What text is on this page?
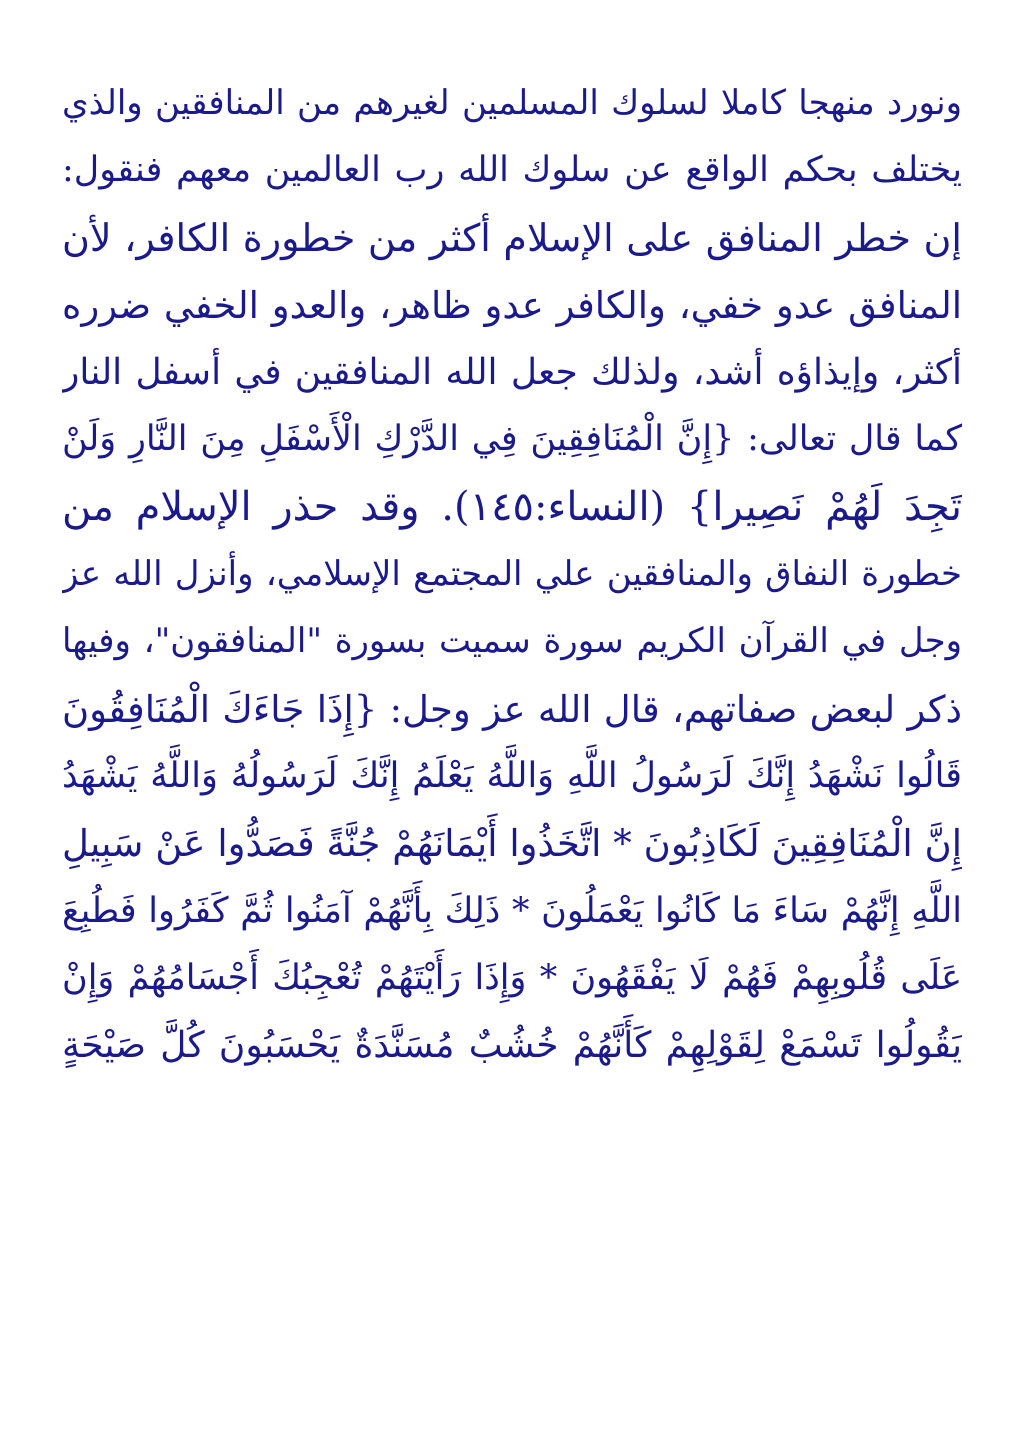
ونورد منهجا كاملا لسلوك المسلمين لغيرهم من المنافقين والذي
يختلف بحكم الواقع عن سلوك الله رب العالمين معهم فنقول:
إن خطر المنافق على الإسلام أكثر من خطورة الكافر، لأن
المنافق عدو خفي، والكافر عدو ظاهر، والعدو الخفي ضرره
أكثر، وإيذاؤه أشد، ولذلك جعل الله المنافقين في أسفل النار
كما قال تعالى: {إِنَّ الْمُنَافِقِينَ فِي الدَّرْكِ الْأَسْفَلِ مِنَ النَّارِ وَلَنْ
تَجِدَ لَهُمْ نَصِيرا} (النساء:١٤٥). وقد حذر الإسلام من
خطورة النفاق والمنافقين علي المجتمع الإسلامي، وأنزل الله عز
وجل في القرآن الكريم سورة سميت بسورة "المنافقون"، وفيها
ذكر لبعض صفاتهم، قال الله عز وجل: {إِذَا جَاءَكَ الْمُنَافِقُونَ
قَالُوا نَشْهَدُ إِنَّكَ لَرَسُولُ اللَّهِ وَاللَّهُ يَعْلَمُ إِنَّكَ لَرَسُولُهُ وَاللَّهُ يَشْهَدُ
إِنَّ الْمُنَافِقِينَ لَكَاذِبُونَ * اتَّخَذُوا أَيْمَانَهُمْ جُنَّةً فَصَدُّوا عَنْ سَبِيلِ
اللَّهِ إِنَّهُمْ سَاءَ مَا كَانُوا يَعْمَلُونَ * ذَلِكَ بِأَنَّهُمْ آمَنُوا ثُمَّ كَفَرُوا فَطُبِعَ
عَلَى قُلُوبِهِمْ فَهُمْ لَا يَفْقَهُونَ * وَإِذَا رَأَيْتَهُمْ تُعْجِبُكَ أَجْسَامُهُمْ وَإِنْ
يَقُولُوا تَسْمَعْ لِقَوْلِهِمْ كَأَنَّهُمْ خُشُبٌ مُسَنَّدَةٌ يَحْسَبُونَ كُلَّ صَيْحَةٍ
